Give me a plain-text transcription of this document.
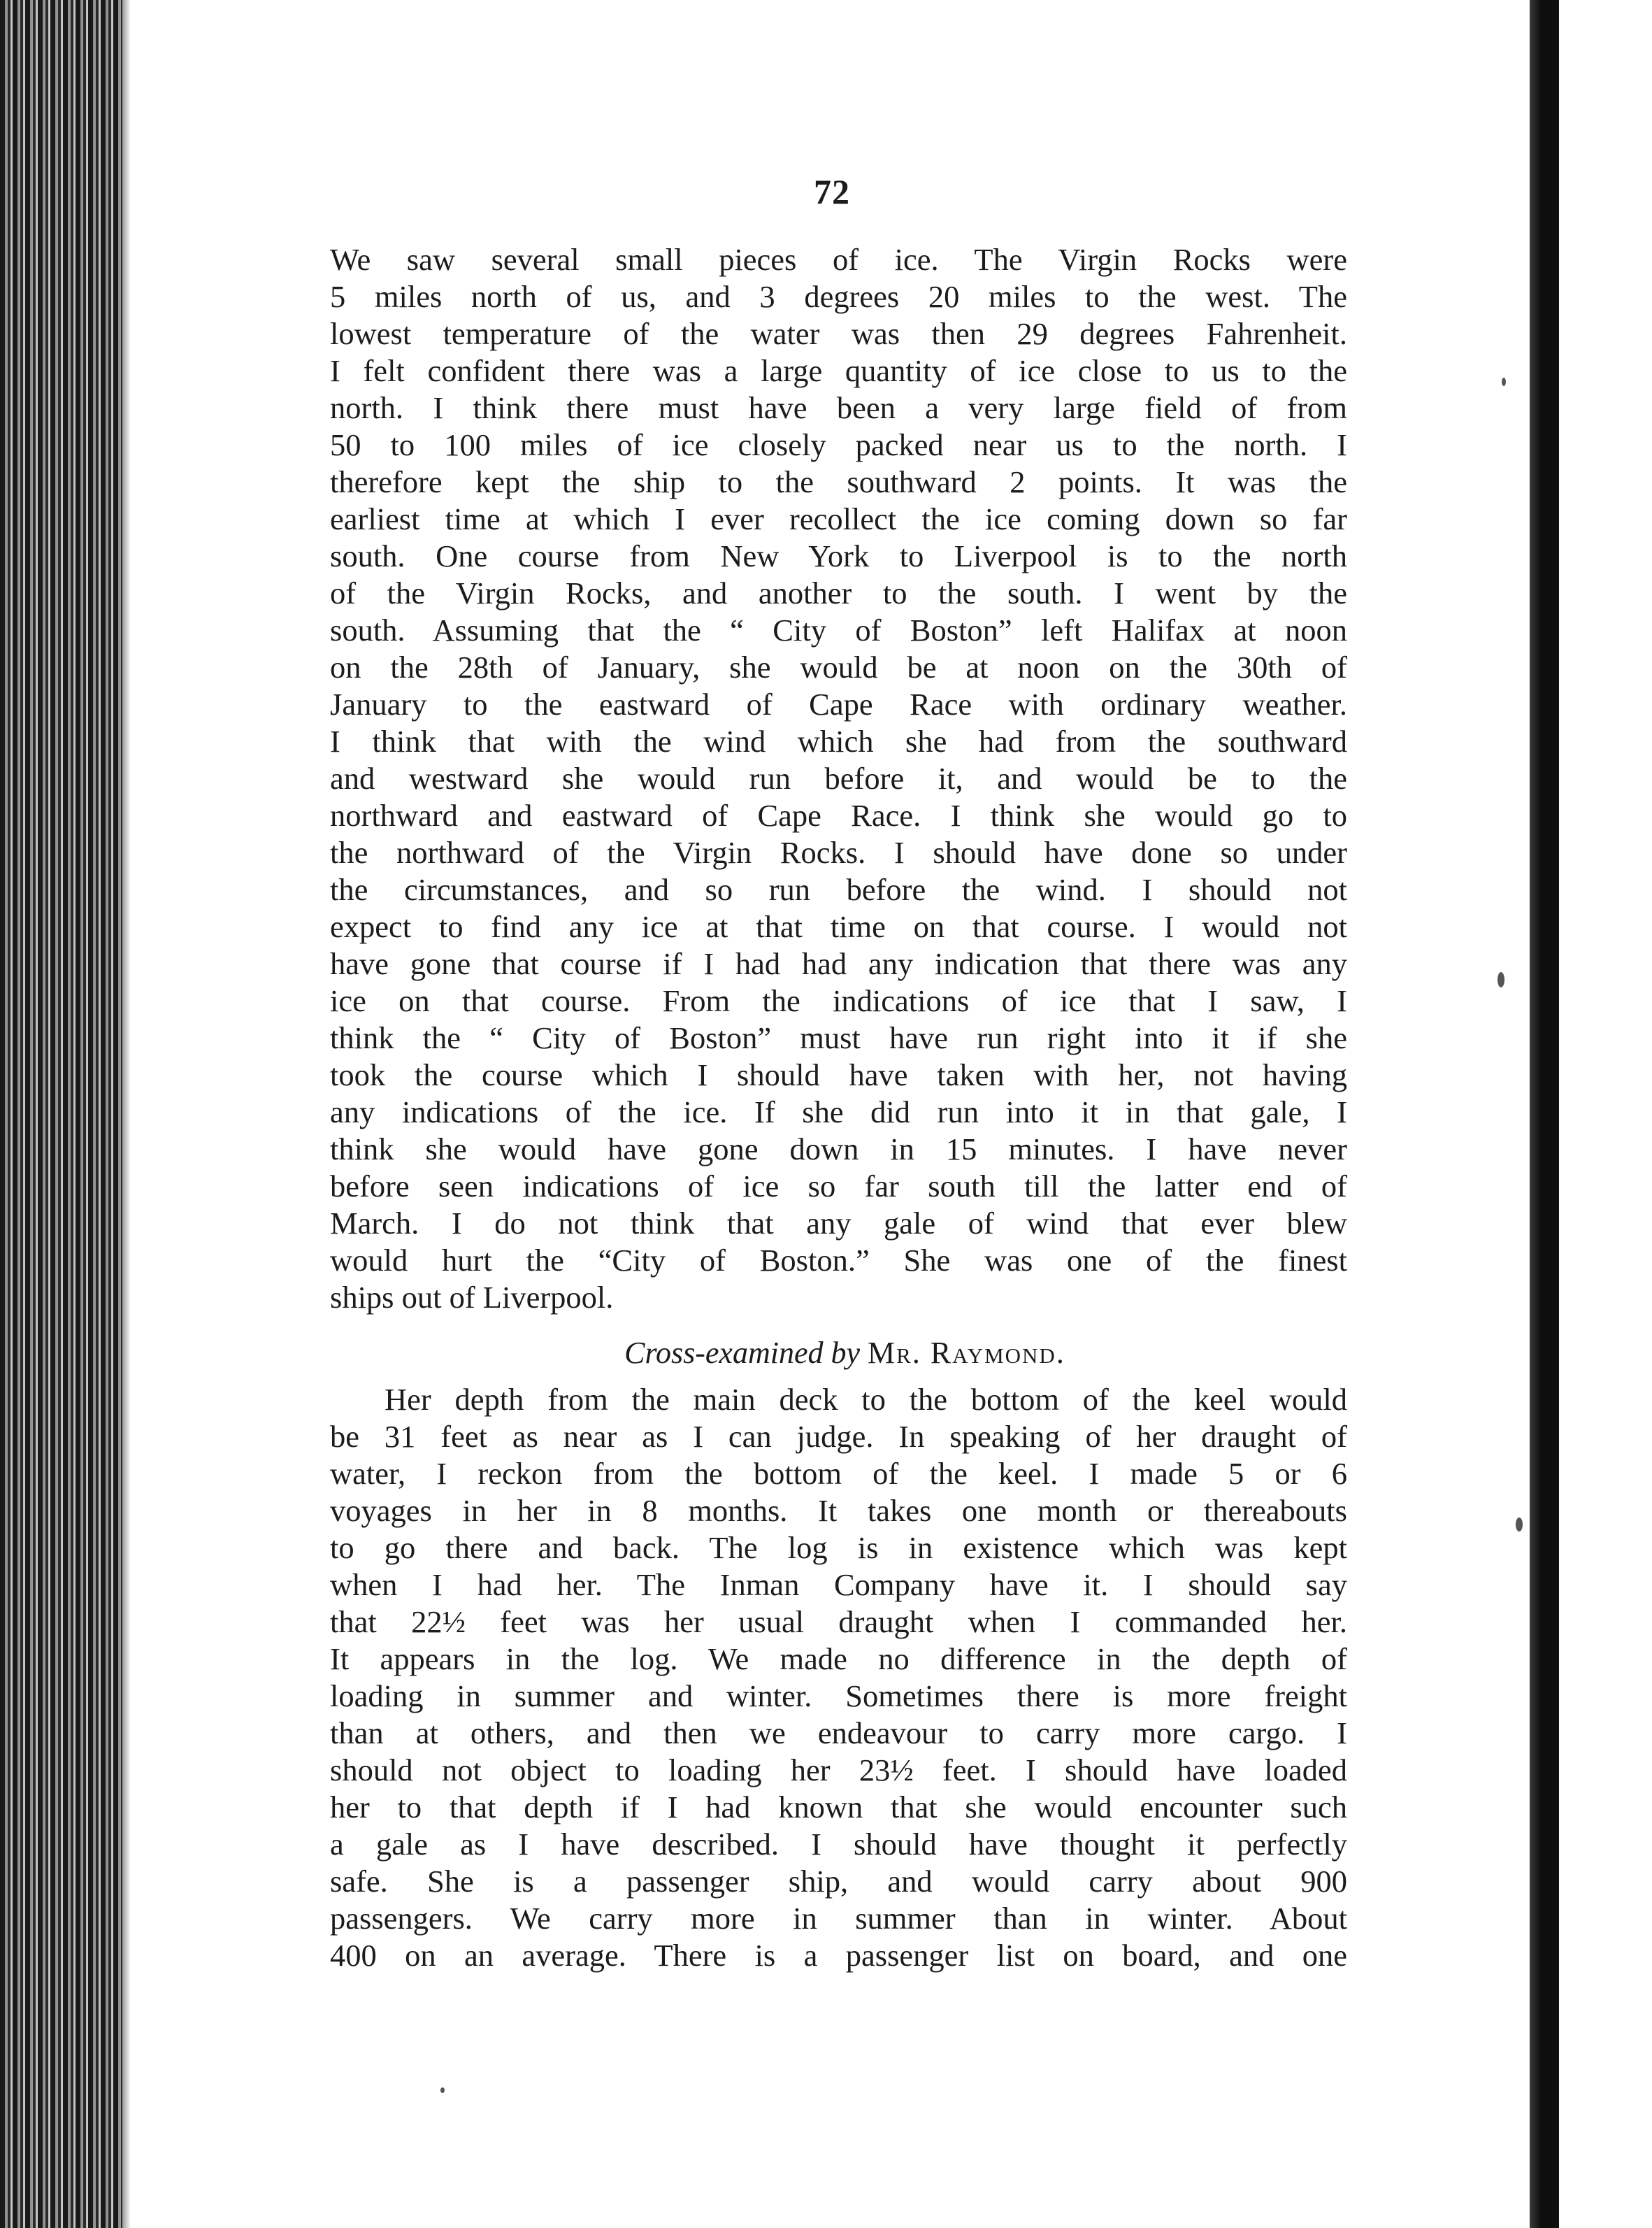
72
We saw several small pieces of ice. The Virgin Rocks were
5 miles north of us, and 3 degrees 20 miles to the west. The
lowest temperature of the water was then 29 degrees Fahrenheit.
I felt confident there was a large quantity of ice close to us to the
north. I think there must have been a very large field of from
50 to 100 miles of ice closely packed near us to the north. I
therefore kept the ship to the southward 2 points. It was the
earliest time at which I ever recollect the ice coming down so far
south. One course from New York to Liverpool is to the north
of the Virgin Rocks, and another to the south. I went by the
south. Assuming that the “ City of Boston” left Halifax at noon
on the 28th of January, she would be at noon on the 30th of
January to the eastward of Cape Race with ordinary weather.
I think that with the wind which she had from the southward
and westward she would run before it, and would be to the
northward and eastward of Cape Race. I think she would go to
the northward of the Virgin Rocks. I should have done so under
the circumstances, and so run before the wind. I should not
expect to find any ice at that time on that course. I would not
have gone that course if I had had any indication that there was any
ice on that course. From the indications of ice that I saw, I
think the “ City of Boston” must have run right into it if she
took the course which I should have taken with her, not having
any indications of the ice. If she did run into it in that gale, I
think she would have gone down in 15 minutes. I have never
before seen indications of ice so far south till the latter end of
March. I do not think that any gale of wind that ever blew
would hurt the “City of Boston.” She was one of the finest
ships out of Liverpool.
Cross-examined by Mr. Raymond.
Her depth from the main deck to the bottom of the keel would
be 31 feet as near as I can judge. In speaking of her draught of
water, I reckon from the bottom of the keel. I made 5 or 6
voyages in her in 8 months. It takes one month or thereabouts
to go there and back. The log is in existence which was kept
when I had her. The Inman Company have it. I should say
that 22½ feet was her usual draught when I commanded her.
It appears in the log. We made no difference in the depth of
loading in summer and winter. Sometimes there is more freight
than at others, and then we endeavour to carry more cargo. I
should not object to loading her 23½ feet. I should have loaded
her to that depth if I had known that she would encounter such
a gale as I have described. I should have thought it perfectly
safe. She is a passenger ship, and would carry about 900
passengers. We carry more in summer than in winter. About
400 on an average. There is a passenger list on board, and one
